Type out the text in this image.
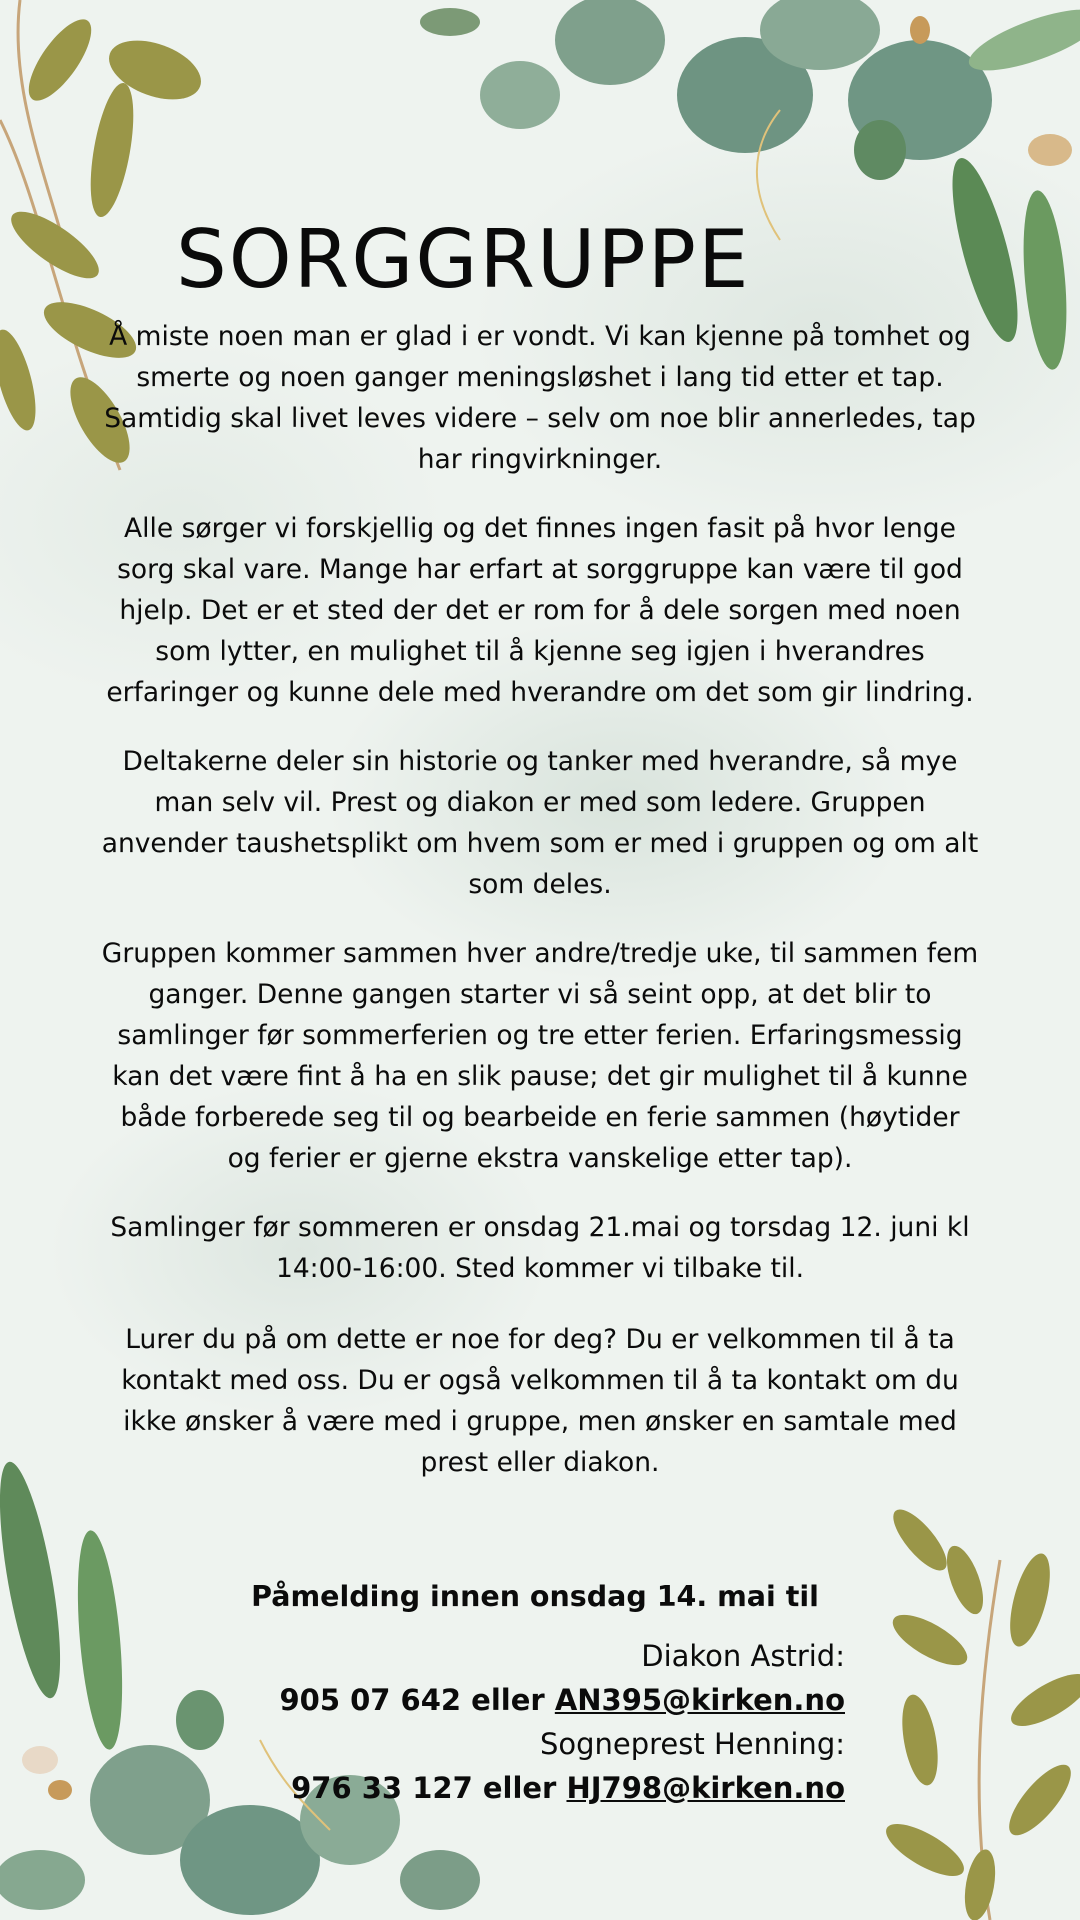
SORGGRUPPE

Å miste noen man er glad i er vondt. Vi kan kjenne på tomhet og smerte og noen ganger meningsløshet i lang tid etter et tap. Samtidig skal livet leves videre – selv om noe blir annerledes, tap har ringvirkninger.

Alle sørger vi forskjellig og det finnes ingen fasit på hvor lenge sorg skal vare. Mange har erfart at sorggruppe kan være til god hjelp. Det er et sted der det er rom for å dele sorgen med noen som lytter, en mulighet til å kjenne seg igjen i hverandres erfaringer og kunne dele med hverandre om det som gir lindring.

Deltakerne deler sin historie og tanker med hverandre, så mye man selv vil. Prest og diakon er med som ledere. Gruppen anvender taushetsplikt om hvem som er med i gruppen og om alt som deles.

Gruppen kommer sammen hver andre/tredje uke, til sammen fem ganger. Denne gangen starter vi så seint opp, at det blir to samlinger før sommerferien og tre etter ferien. Erfaringsmessig kan det være fint å ha en slik pause; det gir mulighet til å kunne både forberede seg til og bearbeide en ferie sammen (høytider og ferier er gjerne ekstra vanskelige etter tap).

Samlinger før sommeren er onsdag 21.mai og torsdag 12. juni kl 14:00-16:00. Sted kommer vi tilbake til.

Lurer du på om dette er noe for deg? Du er velkommen til å ta kontakt med oss. Du er også velkommen til å ta kontakt om du ikke ønsker å være med i gruppe, men ønsker en samtale med prest eller diakon.

Påmelding innen onsdag 14. mai til

Diakon Astrid:

905 07 642 eller AN395@kirken.no

Sogneprest Henning:

976 33 127 eller HJ798@kirken.no
